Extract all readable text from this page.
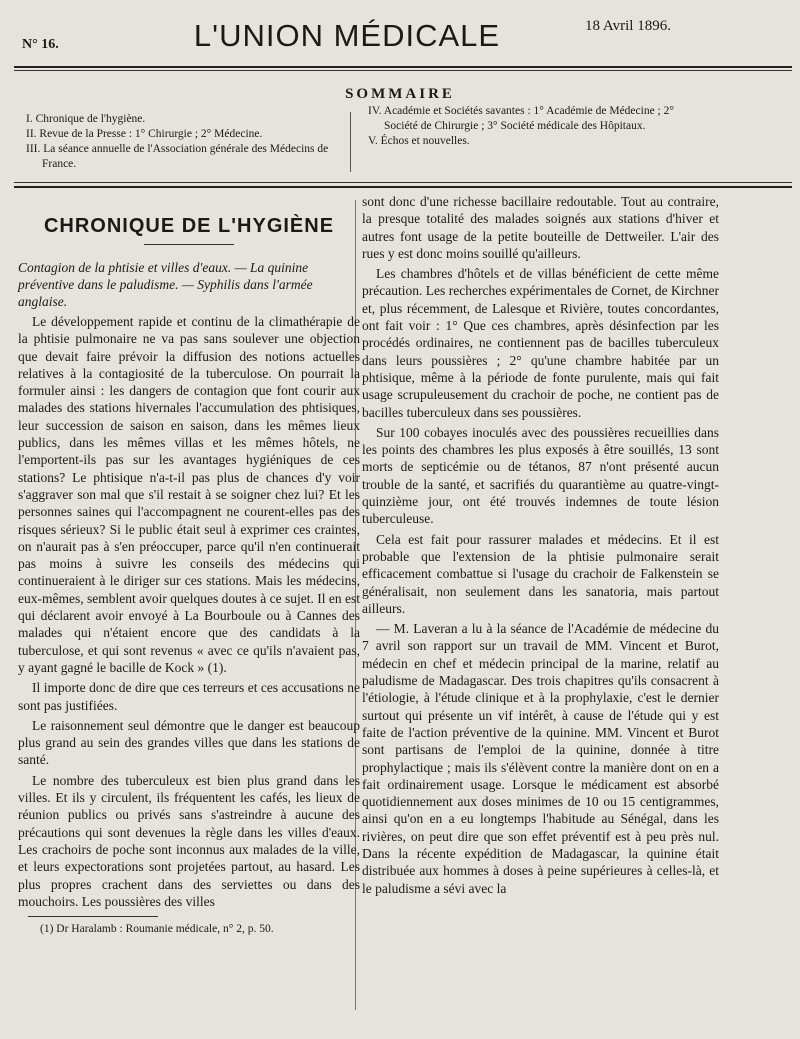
N° 16.	L'UNION MÉDICALE	18 Avril 1896.
SOMMAIRE

I. Chronique de l'hygiène.

II. Revue de la Presse : 1° Chirurgie ; 2° Médecine.

III. La séance annuelle de l'Association générale des Médecins de France.

IV. Académie et Sociétés savantes : 1° Académie de Médecine ; 2° Société de Chirurgie ; 3° Société médicale des Hôpitaux.

V. Échos et nouvelles.

CHRONIQUE DE L'HYGIÈNE

Contagion de la phtisie et villes d'eaux. — La quinine préventive dans le paludisme. — Syphilis dans l'armée anglaise.

Le développement rapide et continu de la climathérapie de la phtisie pulmonaire ne va pas sans soulever une objection que devait faire prévoir la diffusion des notions actuelles relatives à la contagiosité de la tuberculose. On pourrait la formuler ainsi : les dangers de contagion que font courir aux malades des stations hivernales l'accumulation des phtisiques, leur succession de saison en saison, dans les mêmes lieux publics, dans les mêmes villas et les mêmes hôtels, ne l'emportent-ils pas sur les avantages hygiéniques de ces stations? Le phtisique n'a-t-il pas plus de chances d'y voir s'aggraver son mal que s'il restait à se soigner chez lui? Et les personnes saines qui l'accompagnent ne courent-elles pas des risques sérieux? Si le public était seul à exprimer ces craintes, on n'aurait pas à s'en préoccuper, parce qu'il n'en continuerait pas moins à suivre les conseils des médecins qui continueraient à le diriger sur ces stations. Mais les médecins, eux-mêmes, semblent avoir quelques doutes à ce sujet. Il en est qui déclarent avoir envoyé à La Bourboule ou à Cannes des malades qui n'étaient encore que des candidats à la tuberculose, et qui sont revenus « avec ce qu'ils n'avaient pas, y ayant gagné le bacille de Kock » (1).

Il importe donc de dire que ces terreurs et ces accusations ne sont pas justifiées.

Le raisonnement seul démontre que le danger est beaucoup plus grand au sein des grandes villes que dans les stations de santé.

Le nombre des tuberculeux est bien plus grand dans les villes. Et ils y circulent, ils fréquentent les cafés, les lieux de réunion publics ou privés sans s'astreindre à aucune des précautions qui sont devenues la règle dans les villes d'eaux. Les crachoirs de poche sont inconnus aux malades de la ville, et leurs expectorations sont projetées partout, au hasard. Les plus propres crachent dans des serviettes ou dans des mouchoirs. Les poussières des villes

(1) Dr Haralamb : Roumanie médicale, n° 2, p. 50.

sont donc d'une richesse bacillaire redoutable. Tout au contraire, la presque totalité des malades soignés aux stations d'hiver et autres font usage de la petite bouteille de Dettweiler. L'air des rues y est donc moins souillé qu'ailleurs.

Les chambres d'hôtels et de villas bénéficient de cette même précaution. Les recherches expérimentales de Cornet, de Kirchner et, plus récemment, de Lalesque et Rivière, toutes concordantes, ont fait voir : 1° Que ces chambres, après désinfection par les procédés ordinaires, ne contiennent pas de bacilles tuberculeux dans leurs poussières ; 2° qu'une chambre habitée par un phtisique, même à la période de fonte purulente, mais qui fait usage scrupuleusement du crachoir de poche, ne contient pas de bacilles tuberculeux dans ses poussières.

Sur 100 cobayes inoculés avec des poussières recueillies dans les points des chambres les plus exposés à être souillés, 13 sont morts de septicémie ou de tétanos, 87 n'ont présenté aucun trouble de la santé, et sacrifiés du quarantième au quatre-vingt-quinzième jour, ont été trouvés indemnes de toute lésion tuberculeuse.

Cela est fait pour rassurer malades et médecins. Et il est probable que l'extension de la phtisie pulmonaire serait efficacement combattue si l'usage du crachoir de Falkenstein se généralisait, non seulement dans les sanatoria, mais partout ailleurs.

— M. Laveran a lu à la séance de l'Académie de médecine du 7 avril son rapport sur un travail de MM. Vincent et Burot, médecin en chef et médecin principal de la marine, relatif au paludisme de Madagascar. Des trois chapitres qu'ils consacrent à l'étiologie, à l'étude clinique et à la prophylaxie, c'est le dernier surtout qui présente un vif intérêt, à cause de l'étude qui y est faite de l'action préventive de la quinine. MM. Vincent et Burot sont partisans de l'emploi de la quinine, donnée à titre prophylactique ; mais ils s'élèvent contre la manière dont on en a fait ordinairement usage. Lorsque le médicament est absorbé quotidiennement aux doses minimes de 10 ou 15 centigrammes, ainsi qu'on en a eu longtemps l'habitude au Sénégal, dans les rivières, on peut dire que son effet préventif est à peu près nul. Dans la récente expédition de Madagascar, la quinine était distribuée aux hommes à doses à peine supérieures à celles-là, et le paludisme a sévi avec la
